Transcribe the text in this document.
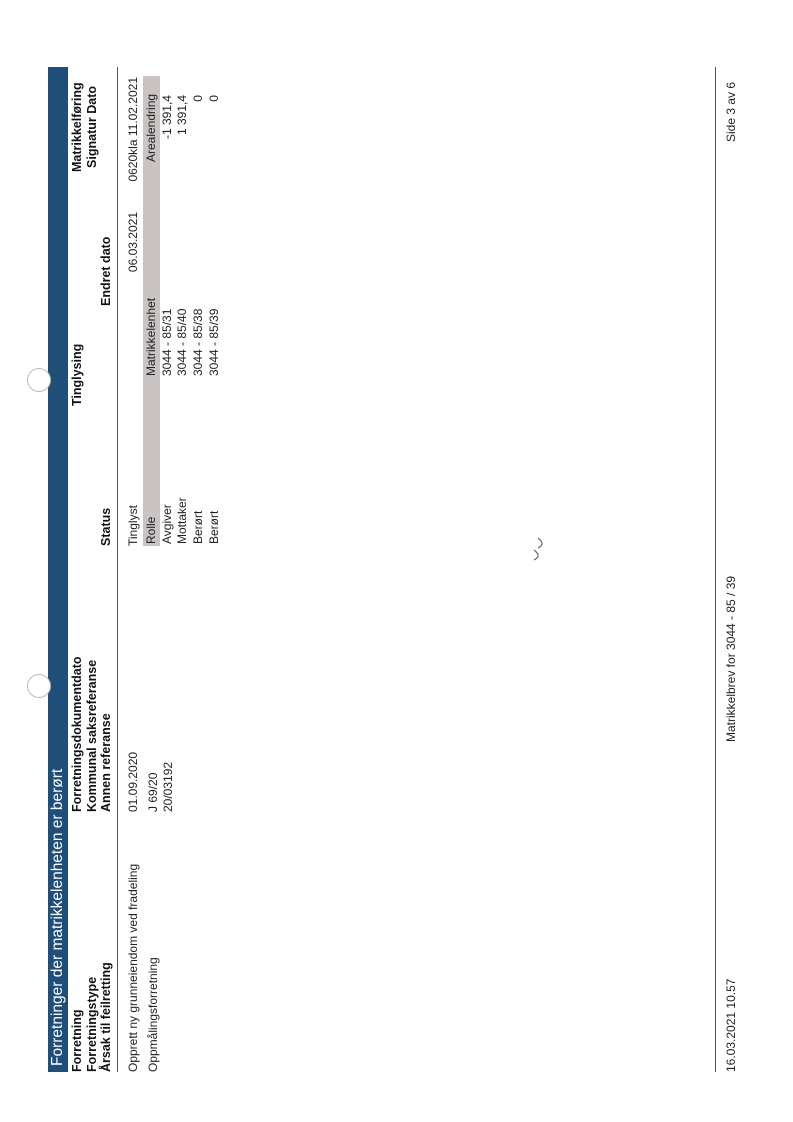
Forretninger der matrikkelenheten er berørt Forretning Forretningstype Årsak til feilretting
Forretningsdokumentdato Kommunal saksreferanse Annen referanse
Status
Tinglysing
Endret dato
Matrikkelføring Signatur Dato
Opprett ny grunneiendom ved fradeling Oppmålingsforretning
01.09.2020 J 69/20 20/03192
Tinglyst
06.03.2021
0620kla 11.02.2021
Rolle
Matrikkelenhet
Arealendring
Avgiver
3044 - 85/31
-1 391,4
Mottaker
3044 - 85/40
1 391,4
Berørt
3044 - 85/38
0
Berørt
3044 - 85/39
0
16.03.2021 10.57
Matrikkelbrev for 3044 - 85 / 39
Side 3 av 6
